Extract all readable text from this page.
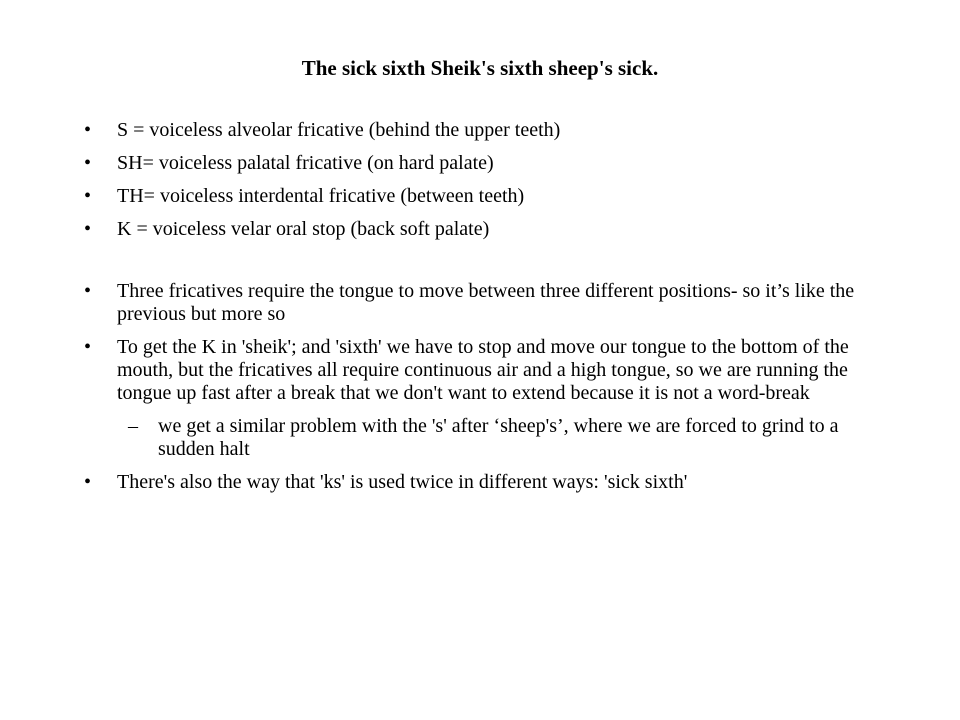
The sick sixth Sheik's sixth sheep's sick.
• S = voiceless alveolar fricative (behind the upper teeth)
• SH= voiceless palatal fricative (on hard palate)
• TH= voiceless interdental fricative (between teeth)
• K = voiceless velar oral stop (back soft palate)
• Three fricatives require the tongue to move between three different positions- so it’s like the previous but more so
• To get the K in 'sheik'; and 'sixth' we have to stop and move our tongue to the bottom of the mouth, but the fricatives all require continuous air and a high tongue, so we are running the tongue up fast after a break that we don't want to extend because it is not a word-break
– we get a similar problem with the 's' after ‘sheep's’, where we are forced to grind to a sudden halt
• There's also the way that 'ks' is used twice in different ways: 'sick sixth'
